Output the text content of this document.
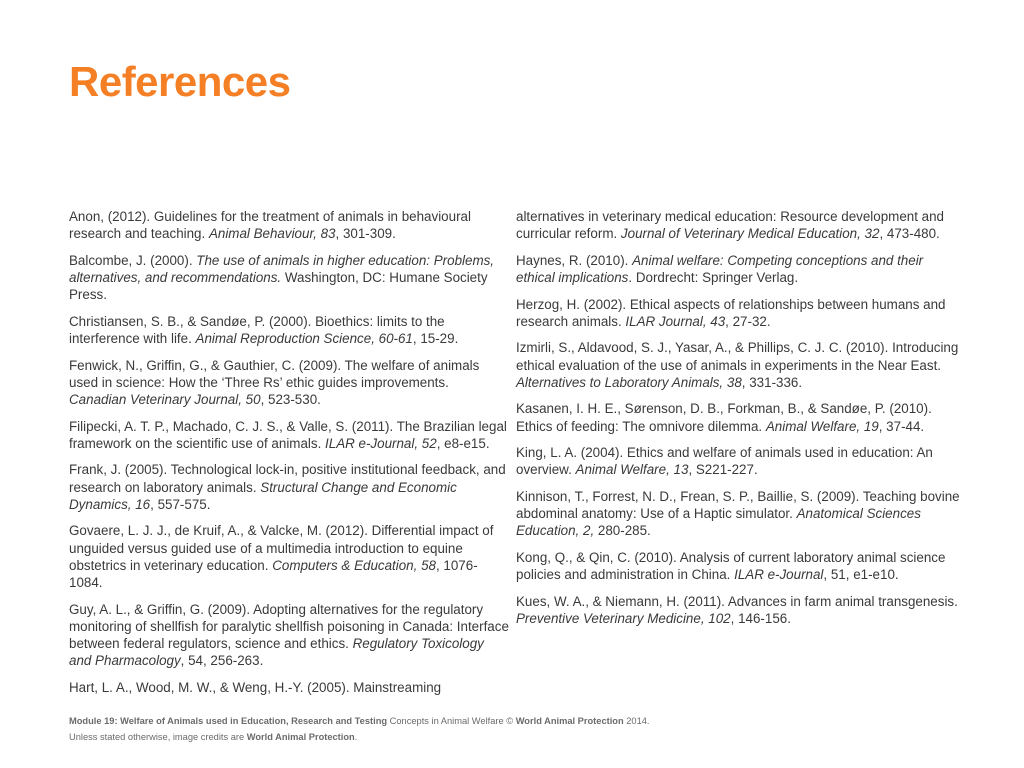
References

Anon, (2012). Guidelines for the treatment of animals in behavioural research and teaching. Animal Behaviour, 83, 301-309.

Balcombe, J. (2000). The use of animals in higher education: Problems, alternatives, and recommendations. Washington, DC: Humane Society Press.

Christiansen, S. B., & Sandøe, P. (2000). Bioethics: limits to the interference with life. Animal Reproduction Science, 60-61, 15-29.

Fenwick, N., Griffin, G., & Gauthier, C. (2009). The welfare of animals used in science: How the ‘Three Rs’ ethic guides improvements. Canadian Veterinary Journal, 50, 523-530.

Filipecki, A. T. P., Machado, C. J. S., & Valle, S. (2011). The Brazilian legal framework on the scientific use of animals. ILAR e-Journal, 52, e8-e15.

Frank, J. (2005). Technological lock-in, positive institutional feedback, and research on laboratory animals. Structural Change and Economic Dynamics, 16, 557-575.

Govaere, L. J. J., de Kruif, A., & Valcke, M. (2012). Differential impact of unguided versus guided use of a multimedia introduction to equine obstetrics in veterinary education. Computers & Education, 58, 1076-1084.

Guy, A. L., & Griffin, G. (2009). Adopting alternatives for the regulatory monitoring of shellfish for paralytic shellfish poisoning in Canada: Interface between federal regulators, science and ethics. Regulatory Toxicology and Pharmacology, 54, 256-263.

Hart, L. A., Wood, M. W., & Weng, H.-Y. (2005). Mainstreaming

alternatives in veterinary medical education: Resource development and curricular reform. Journal of Veterinary Medical Education, 32, 473-480.

Haynes, R. (2010). Animal welfare: Competing conceptions and their ethical implications. Dordrecht: Springer Verlag.

Herzog, H. (2002). Ethical aspects of relationships between humans and research animals. ILAR Journal, 43, 27-32.

Izmirli, S., Aldavood, S. J., Yasar, A., & Phillips, C. J. C. (2010). Introducing ethical evaluation of the use of animals in experiments in the Near East. Alternatives to Laboratory Animals, 38, 331-336.

Kasanen, I. H. E., Sørenson, D. B., Forkman, B., & Sandøe, P. (2010). Ethics of feeding: The omnivore dilemma. Animal Welfare, 19, 37-44.

King, L. A. (2004). Ethics and welfare of animals used in education: An overview. Animal Welfare, 13, S221-227.

Kinnison, T., Forrest, N. D., Frean, S. P., Baillie, S. (2009). Teaching bovine abdominal anatomy: Use of a Haptic simulator. Anatomical Sciences Education, 2, 280-285.

Kong, Q., & Qin, C. (2010). Analysis of current laboratory animal science policies and administration in China. ILAR e-Journal, 51, e1-e10.

Kues, W. A., & Niemann, H. (2011). Advances in farm animal transgenesis. Preventive Veterinary Medicine, 102, 146-156.

Module 19: Welfare of Animals used in Education, Research and Testing Concepts in Animal Welfare © World Animal Protection 2014.
Unless stated otherwise, image credits are World Animal Protection.
